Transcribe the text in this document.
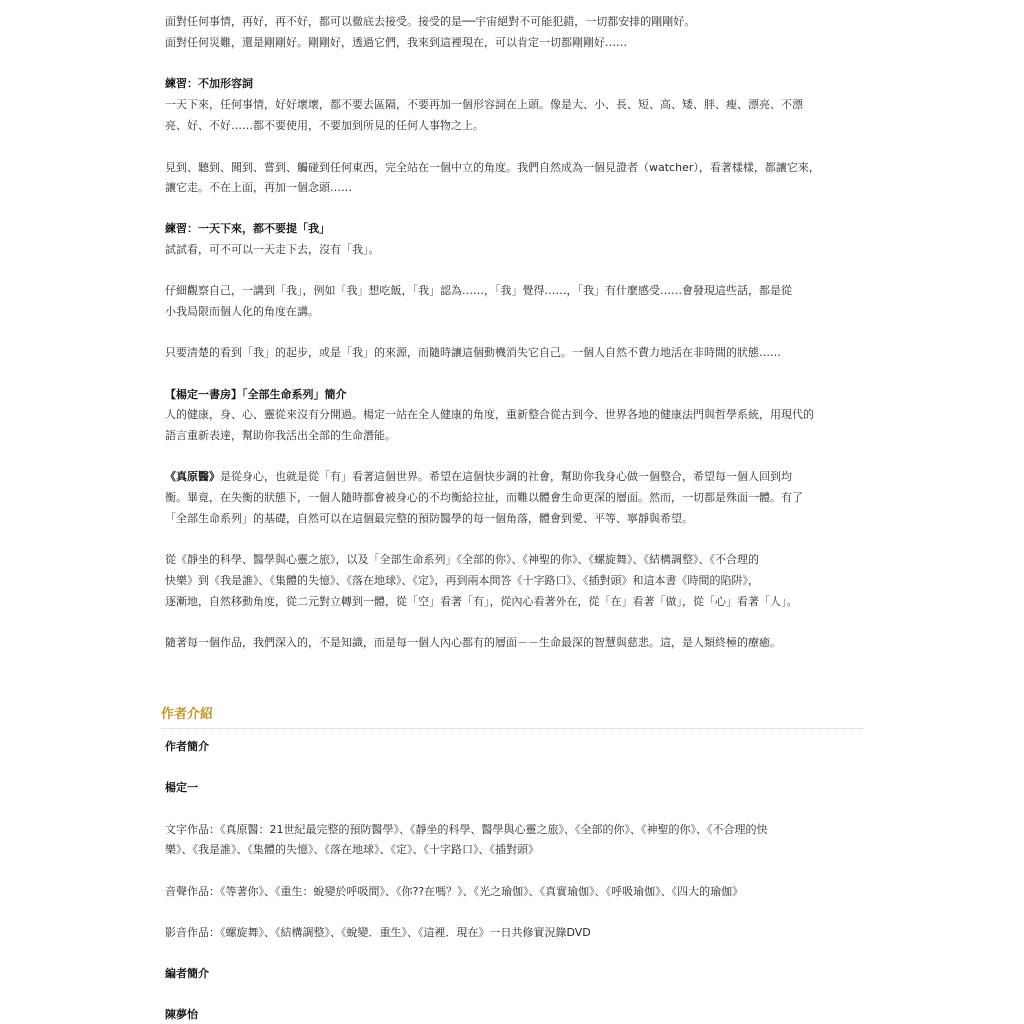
面對任何事情，再好，再不好，都可以徹底去接受。接受的是──宇宙絕對不可能犯錯，一切都安排的剛剛好。
面對任何災難，還是剛剛好。剛剛好，透過它們，我來到這裡現在，可以肯定一切都剛剛好……
練習：不加形容詞
一天下來，任何事情，好好壞壞，都不要去區隔，不要再加一個形容詞在上頭。像是大、小、長、短、高、矮、胖、瘦、漂亮、不漂
亮、好、不好……都不要使用，不要加到所見的任何人事物之上。
見到、聽到、聞到、嘗到、觸碰到任何東西，完全站在一個中立的角度。我們自然成為一個見證者（watcher），看著樣樣，都讓它來，
讓它走。不在上面，再加一個念頭……
練習：一天下來，都不要提「我」
試試看，可不可以一天走下去，沒有「我」。
仔細觀察自己，一講到「我」，例如「我」想吃飯，「我」認為……，「我」覺得……，「我」有什麼感受……會發現這些話，都是從
小我局限而個人化的角度在講。
只要清楚的看到「我」的起步，或是「我」的來源，而隨時讓這個動機消失它自己。一個人自然不費力地活在非時間的狀態……
【楊定一書房】「全部生命系列」簡介
人的健康，身、心、靈從來沒有分開過。楊定一站在全人健康的角度，重新整合從古到今、世界各地的健康法門與哲學系統，用現代的
語言重新表達，幫助你我活出全部的生命潛能。
《真原醫》是從身心，也就是從「有」看著這個世界。希望在這個快步調的社會，幫助你我身心做一個整合，希望每一個人回到均
衡。畢竟，在失衡的狀態下，一個人隨時都會被身心的不均衡給拉扯，而難以體會生命更深的層面。然而，一切都是殊面一體。有了
「全部生命系列」的基礎，自然可以在這個最完整的預防醫學的每一個角落，體會到愛、平等、寧靜與希望。
從《靜坐的科學、醫學與心靈之旅》，以及「全部生命系列」《全部的你》、《神聖的你》、《螺旋舞》、《結構調整》、《不合理的
快樂》到《我是誰》、《集體的失憶》、《落在地球》、《定》，再到兩本問答《十字路口》、《插對頭》和這本書《時間的陷阱》，
逐漸地，自然移動角度，從二元對立轉到一體，從「空」看著「有」，從內心看著外在，從「在」看著「做」，從「心」看著「人」。
隨著每一個作品，我們深入的，不是知識，而是每一個人內心都有的層面－－生命最深的智慧與慈悲。這，是人類終極的療癒。
作者介紹
作者簡介
楊定一
文字作品：《真原醫：21世紀最完整的預防醫學》、《靜坐的科學、醫學與心靈之旅》、《全部的你》、《神聖的你》、《不合理的快
樂》、《我是誰》、《集體的失憶》、《落在地球》、《定》、《十字路口》、《插對頭》
音聲作品：《等著你》、《重生：蛻變於呼吸間》、《你??在嗎？》、《光之瑜伽》、《真實瑜伽》、《呼吸瑜伽》、《四大的瑜伽》
影音作品：《螺旋舞》、《結構調整》、《蛻變．重生》、《這裡．現在》一日共修實況錄DVD
編者簡介
陳夢怡
